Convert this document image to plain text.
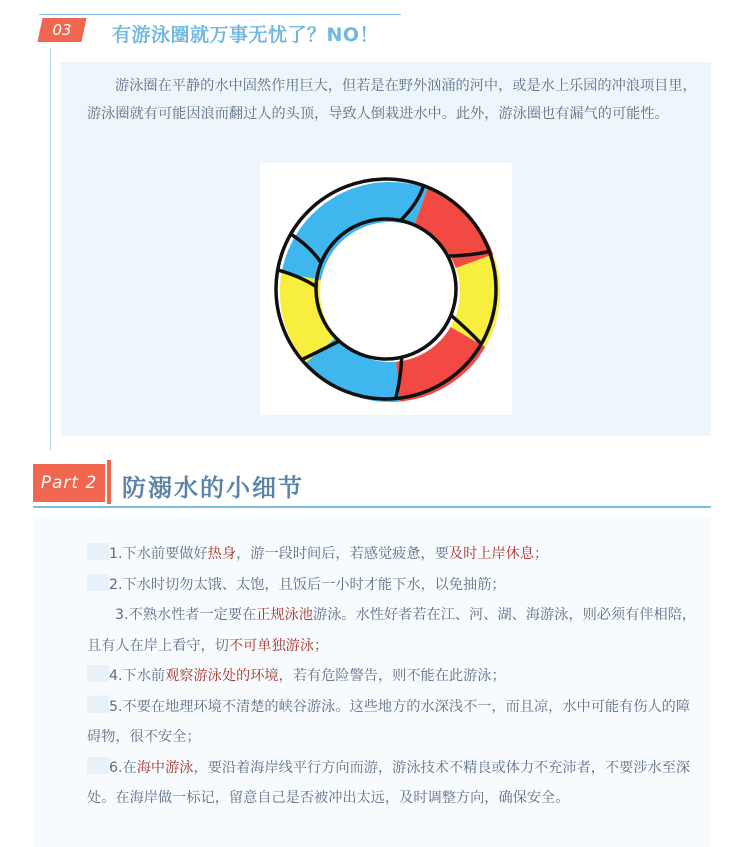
03	有游泳圈就万事无忧了？NO！

游泳圈在平静的水中固然作用巨大，但若是在野外汹涌的河中，或是水上乐园的冲浪项目里，游泳圈就有可能因浪而翻过人的头顶，导致人倒栽进水中。此外，游泳圈也有漏气的可能性。

Part 2	防溺水的小细节
1.下水前要做好热身，游一段时间后，若感觉疲惫，要及时上岸休息；
2.下水时切勿太饿、太饱，且饭后一小时才能下水，以免抽筋；
3.不熟水性者一定要在正规泳池游泳。水性好者若在江、河、湖、海游泳，则必须有伴相陪，且有人在岸上看守，切不可单独游泳；
4.下水前观察游泳处的环境，若有危险警告，则不能在此游泳；
5.不要在地理环境不清楚的峡谷游泳。这些地方的水深浅不一，而且凉，水中可能有伤人的障碍物，很不安全；
6.在海中游泳，要沿着海岸线平行方向而游，游泳技术不精良或体力不充沛者，不要涉水至深处。在海岸做一标记，留意自己是否被冲出太远，及时调整方向，确保安全。
